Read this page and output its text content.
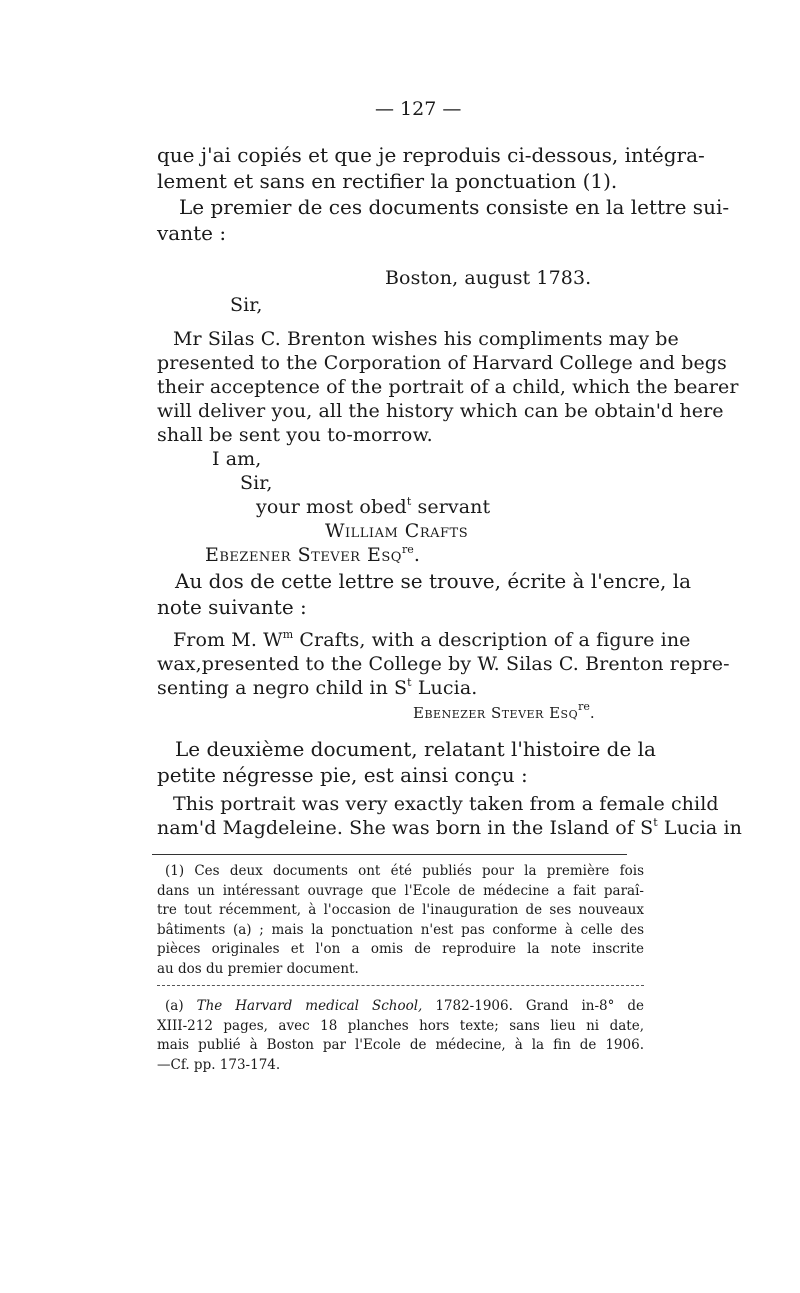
— 127 —
que j'ai copiés et que je reproduis ci-dessous, intégra-
lement et sans en rectifier la ponctuation (1).
Le premier de ces documents consiste en la lettre sui-
vante :
Boston, august 1783.
Sir,
Mr Silas C. Brenton wishes his compliments may be
presented to the Corporation of Harvard College and begs
their acceptence of the portrait of a child, which the bearer
will deliver you, all the history which can be obtain'd here
shall be sent you to-morrow.
I am,
Sir,
your most obed$^t$ servant
William Crafts
Ebezener Stever Esq$^{re}$.
Au dos de cette lettre se trouve, écrite à l'encre, la
note suivante :
From M. $W^m$ Crafts, with a description of a figure ine
wax,presented to the College by W. Silas C. Brenton repre-
senting a negro child in $S^t$ Lucia.
Ebenezer Stever Esq$^{re}$.
Le deuxième document, relatant l'histoire de la
petite négresse pie, est ainsi conçu :
This portrait was very exactly taken from a female child
nam'd Magdeleine. She was born in the Island of $S^t$ Lucia in
(1) Ces deux documents ont été publiés pour la première fois
dans un intéressant ouvrage que l'Ecole de médecine a fait paraî-
tre tout récemment, à l'occasion de l'inauguration de ses nouveaux
bâtiments (a) ; mais la ponctuation n'est pas conforme à celle des
pièces originales et l'on a omis de reproduire la note inscrite
au dos du premier document.
(a) The Harvard medical School, 1782-1906. Grand in-8° de
XIII-212 pages, avec 18 planches hors texte; sans lieu ni date,
mais publié à Boston par l'Ecole de médecine, à la fin de 1906.
—Cf. pp. 173-174.
